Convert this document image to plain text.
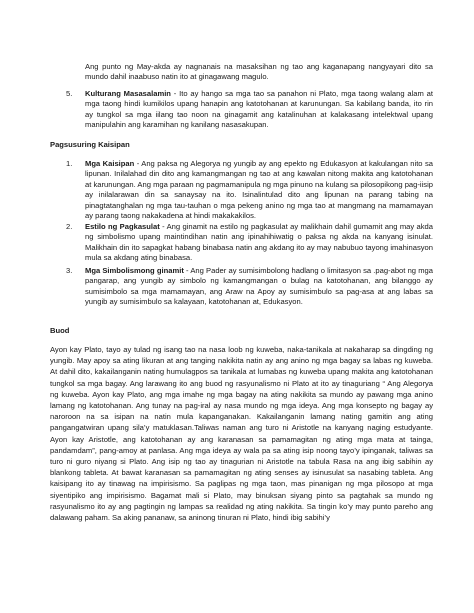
Ang punto ng May-akda ay nagnanais na masaksihan ng tao ang kaganapang nangyayari dito sa mundo dahil inaabuso natin ito at ginagawang magulo.

5. Kulturang Masasalamin - Ito ay hango sa mga tao sa panahon ni Plato, mga taong walang alam at mga taong hindi kumikilos upang hanapin ang katotohanan at karunungan. Sa kabilang banda, ito rin ay tungkol sa mga iilang tao noon na ginagamit ang katalinuhan at kalakasang intelektwal upang manipulahin ang karamihan ng kanilang nasasakupan.

Pagsusuring Kaisipan
1. Mga Kaisipan - Ang paksa ng Alegorya ng yungib ay ang epekto ng Edukasyon at kakulangan nito sa lipunan. Inilalahad din dito ang kamangmangan ng tao at ang kawalan nitong makita ang katotohanan at karunungan. Ang mga paraan ng pagmamanipula ng mga pinuno na kulang sa pilosopikong pag-iisip ay inilalarawan din sa sanaysay na ito. Isinalintulad dito ang lipunan na parang tabing na pinagtatanghalan ng mga tau-tauhan o mga pekeng anino ng mga tao at mangmang na mamamayan ay parang taong nakakadena at hindi makakakilos.

2. Estilo ng Pagkasulat - Ang ginamit na estilo ng pagkasulat ay malikhain dahil gumamit ang may akda ng simbolismo upang maintindihan natin ang ipinahihiwatig o paksa ng akda na kanyang isinulat. Malikhain din ito sapagkat habang binabasa natin ang akdang ito ay may nabubuo tayong imahinasyon mula sa akdang ating binabasa.

3. Mga Simbolismong ginamit - Ang Pader ay sumisimbolong hadlang o limitasyon sa .pag-abot ng mga pangarap, ang yungib ay simbolo ng kamangmangan o bulag na katotohanan, ang bilanggo ay sumisimbolo sa mga mamamayan, ang Araw na Apoy ay sumisimbulo sa pag-asa at ang labas sa yungib ay sumisimbulo sa kalayaan, katotohanan at, Edukasyon.

Buod

Ayon kay Plato, tayo ay tulad ng isang tao na nasa loob ng kuweba, naka-tanikala at nakaharap sa dingding ng yungib. May apoy sa ating likuran at ang tanging nakikita natin ay ang anino ng mga bagay sa labas ng kuweba. At dahil dito, kakailanganin nating humulagpos sa tanikala at lumabas ng kuweba upang makita ang katotohanan tungkol sa mga bagay. Ang larawang ito ang buod ng rasyunalismo ni Plato at ito ay tinaguriang “ Ang Alegorya ng kuweba. Ayon kay Plato, ang mga imahe ng mga bagay na ating nakikita sa mundo ay pawang mga anino lamang ng katotohanan. Ang tunay na pag-iral ay nasa mundo ng mga ideya. Ang mga konsepto ng bagay ay naroroon na sa isipan na natin mula kapanganakan. Kakailanganin lamang nating gamitin ang ating pangangatwiran upang sila’y matuklasan.Taliwas naman ang turo ni Aristotle na kanyang naging estudyante. Ayon kay Aristotle, ang katotohanan ay ang karanasan sa pamamagitan ng ating mga mata at tainga, pandamdam”, pang-amoy at panlasa. Ang mga ideya ay wala pa sa ating isip noong tayo’y ipinganak, taliwas sa turo ni guro niyang si Plato. Ang isip ng tao ay tinagurian ni Aristotle na tabula Rasa na ang ibig sabihin ay blankong tableta. At bawat karanasan sa pamamagitan ng ating senses ay isinusulat sa nasabing tableta. Ang kaisipang ito ay tinawag na impirisismo. Sa paglipas ng mga taon, mas pinanigan ng mga pilosopo at mga siyentipiko ang impirisismo. Bagamat mali si Plato, may binuksan siyang pinto sa pagtahak sa mundo ng rasyunalismo ito ay ang pagtingin ng lampas sa realidad ng ating nakikita. Sa tingin ko’y may punto pareho ang dalawang paham. Sa aking pananaw, sa aninong tinuran ni Plato, hindi ibig sabihi’y
